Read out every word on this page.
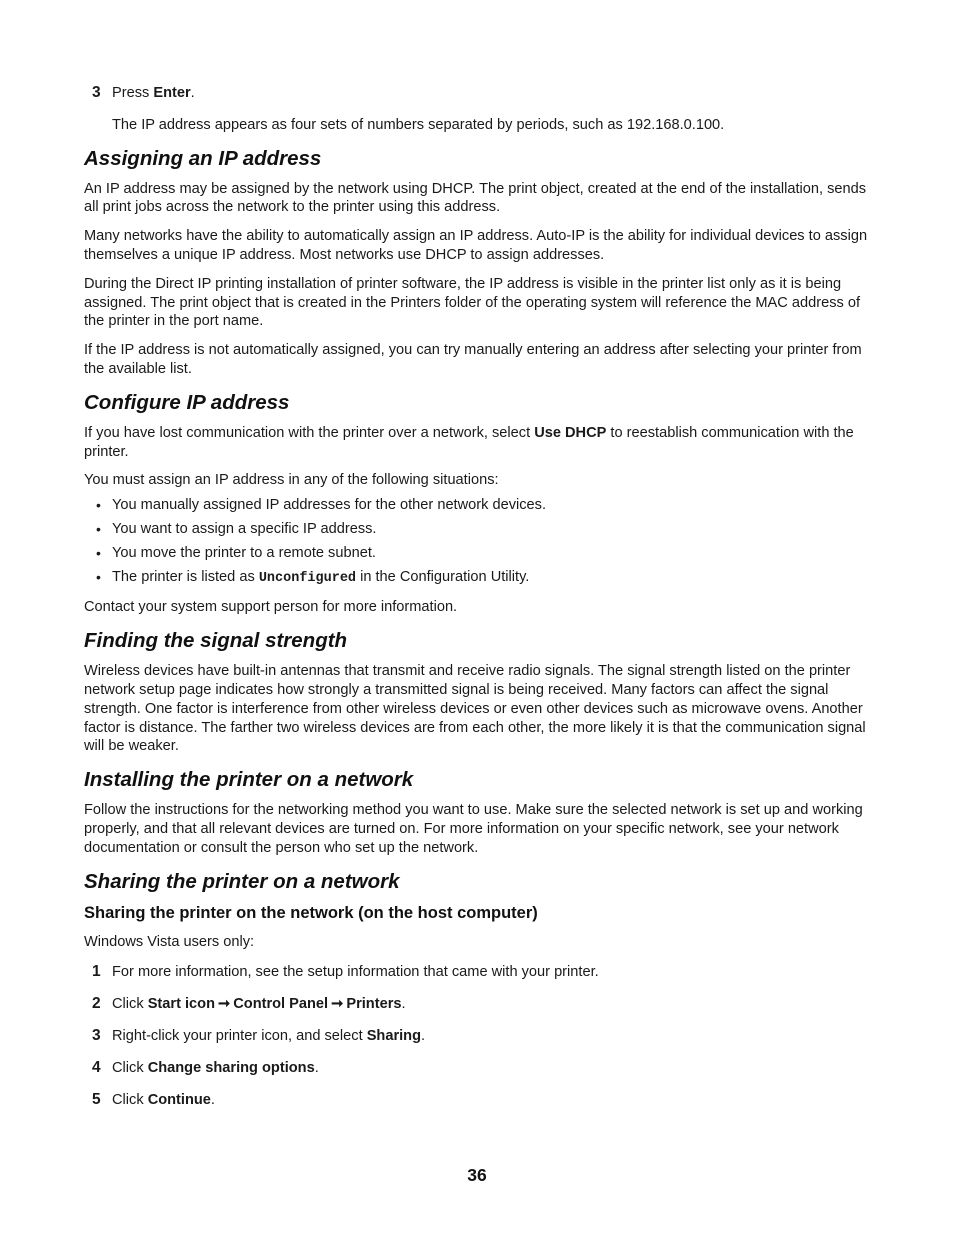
3 Press Enter.

The IP address appears as four sets of numbers separated by periods, such as 192.168.0.100.

Assigning an IP address

An IP address may be assigned by the network using DHCP. The print object, created at the end of the installation, sends all print jobs across the network to the printer using this address.

Many networks have the ability to automatically assign an IP address. Auto-IP is the ability for individual devices to assign themselves a unique IP address. Most networks use DHCP to assign addresses.

During the Direct IP printing installation of printer software, the IP address is visible in the printer list only as it is being assigned. The print object that is created in the Printers folder of the operating system will reference the MAC address of the printer in the port name.

If the IP address is not automatically assigned, you can try manually entering an address after selecting your printer from the available list.

Configure IP address

If you have lost communication with the printer over a network, select Use DHCP to reestablish communication with the printer.

You must assign an IP address in any of the following situations:

• You manually assigned IP addresses for the other network devices.
• You want to assign a specific IP address.
• You move the printer to a remote subnet.
• The printer is listed as Unconfigured in the Configuration Utility.

Contact your system support person for more information.

Finding the signal strength

Wireless devices have built-in antennas that transmit and receive radio signals. The signal strength listed on the printer network setup page indicates how strongly a transmitted signal is being received. Many factors can affect the signal strength. One factor is interference from other wireless devices or even other devices such as microwave ovens. Another factor is distance. The farther two wireless devices are from each other, the more likely it is that the communication signal will be weaker.

Installing the printer on a network

Follow the instructions for the networking method you want to use. Make sure the selected network is set up and working properly, and that all relevant devices are turned on. For more information on your specific network, see your network documentation or consult the person who set up the network.

Sharing the printer on a network
Sharing the printer on the network (on the host computer)

Windows Vista users only:

1 For more information, see the setup information that came with your printer.
2 Click Start icon ➞ Control Panel ➞ Printers.
3 Right-click your printer icon, and select Sharing.
4 Click Change sharing options.
5 Click Continue.
36
